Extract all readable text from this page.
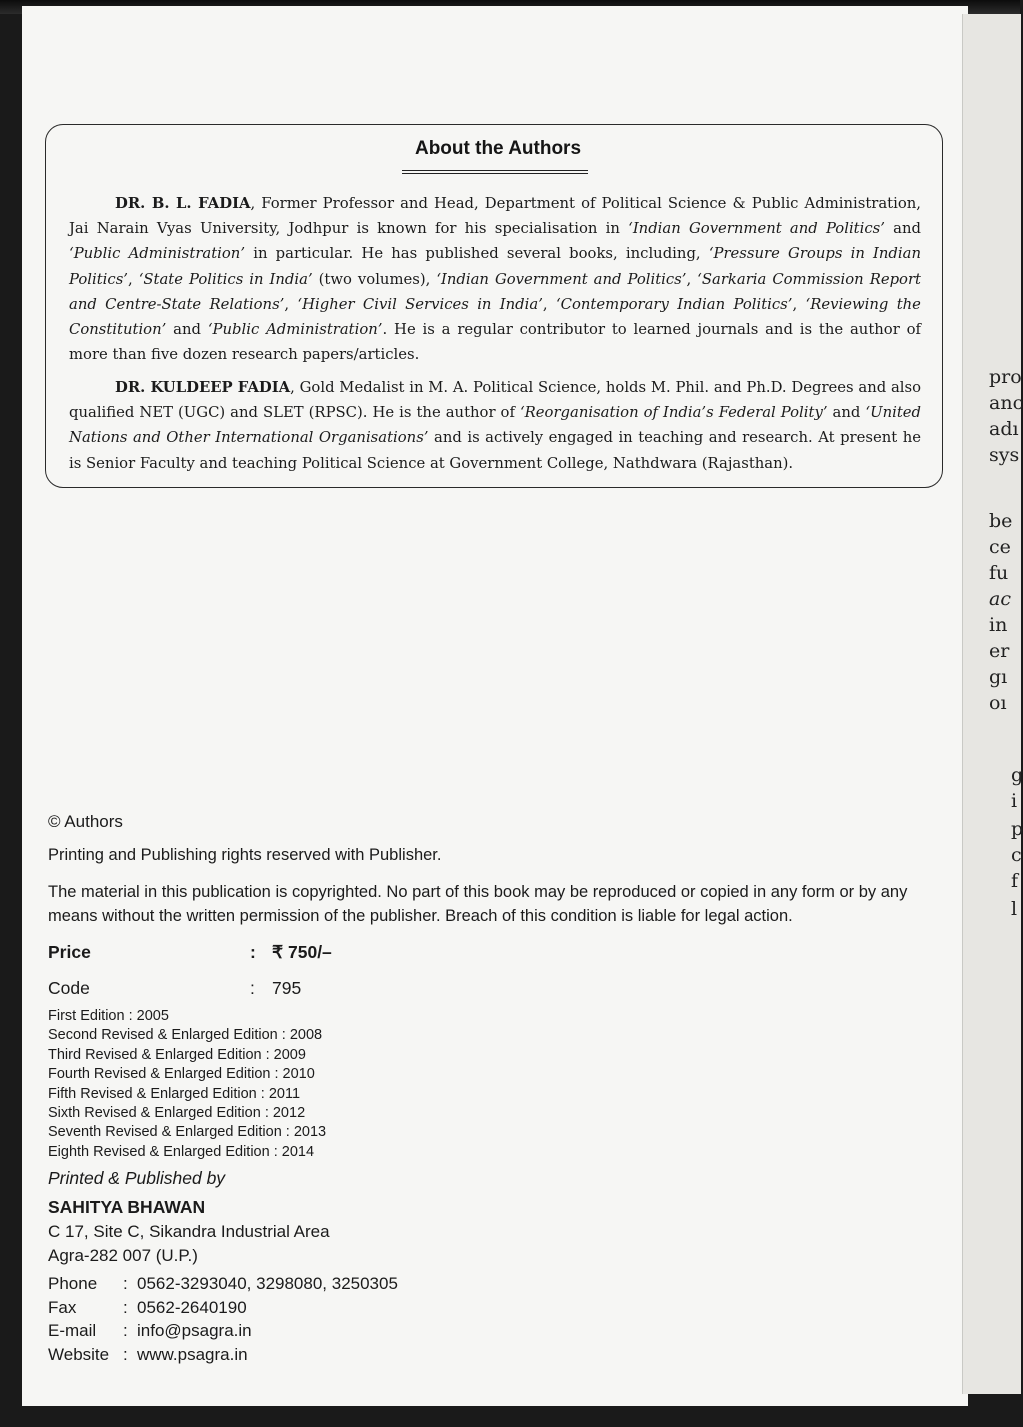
pro
anc
adı
sys
be
ce
fu
ac
in
er
gı
oı
g
i
p
c
f
l
About the Authors

DR. B. L. FADIA, Former Professor and Head, Department of Political Science & Public Administration, Jai Narain Vyas University, Jodhpur is known for his specialisation in ‘Indian Government and Politics’ and ‘Public Administration’ in particular. He has published several books, including, ‘Pressure Groups in Indian Politics’, ‘State Politics in India’ (two volumes), ‘Indian Government and Politics’, ‘Sarkaria Commission Report and Centre-State Relations’, ‘Higher Civil Services in India’, ‘Contemporary Indian Politics’, ‘Reviewing the Constitution’ and ‘Public Administration’. He is a regular contributor to learned journals and is the author of more than five dozen research papers/articles.

DR. KULDEEP FADIA, Gold Medalist in M. A. Political Science, holds M. Phil. and Ph.D. Degrees and also qualified NET (UGC) and SLET (RPSC). He is the author of ‘Reorganisation of India’s Federal Polity’ and ‘United Nations and Other International Organisations’ and is actively engaged in teaching and research. At present he is Senior Faculty and teaching Political Science at Government College, Nathdwara (Rajasthan).

© Authors
Printing and Publishing rights reserved with Publisher.
The material in this publication is copyrighted. No part of this book may be reproduced or copied in any form or by any means without the written permission of the publisher. Breach of this condition is liable for legal action.
Price	: ₹ 750/–
Code	: 795
First Edition : 2005
Second Revised & Enlarged Edition : 2008
Third Revised & Enlarged Edition : 2009
Fourth Revised & Enlarged Edition : 2010
Fifth Revised & Enlarged Edition : 2011
Sixth Revised & Enlarged Edition : 2012
Seventh Revised & Enlarged Edition : 2013
Eighth Revised & Enlarged Edition : 2014
Printed & Published by
SAHITYA BHAWAN
C 17, Site C, Sikandra Industrial Area
Agra-282 007 (U.P.)
Phone	: 0562-3293040, 3298080, 3250305
Fax	: 0562-2640190
E-mail	: info@psagra.in
Website : www.psagra.in
